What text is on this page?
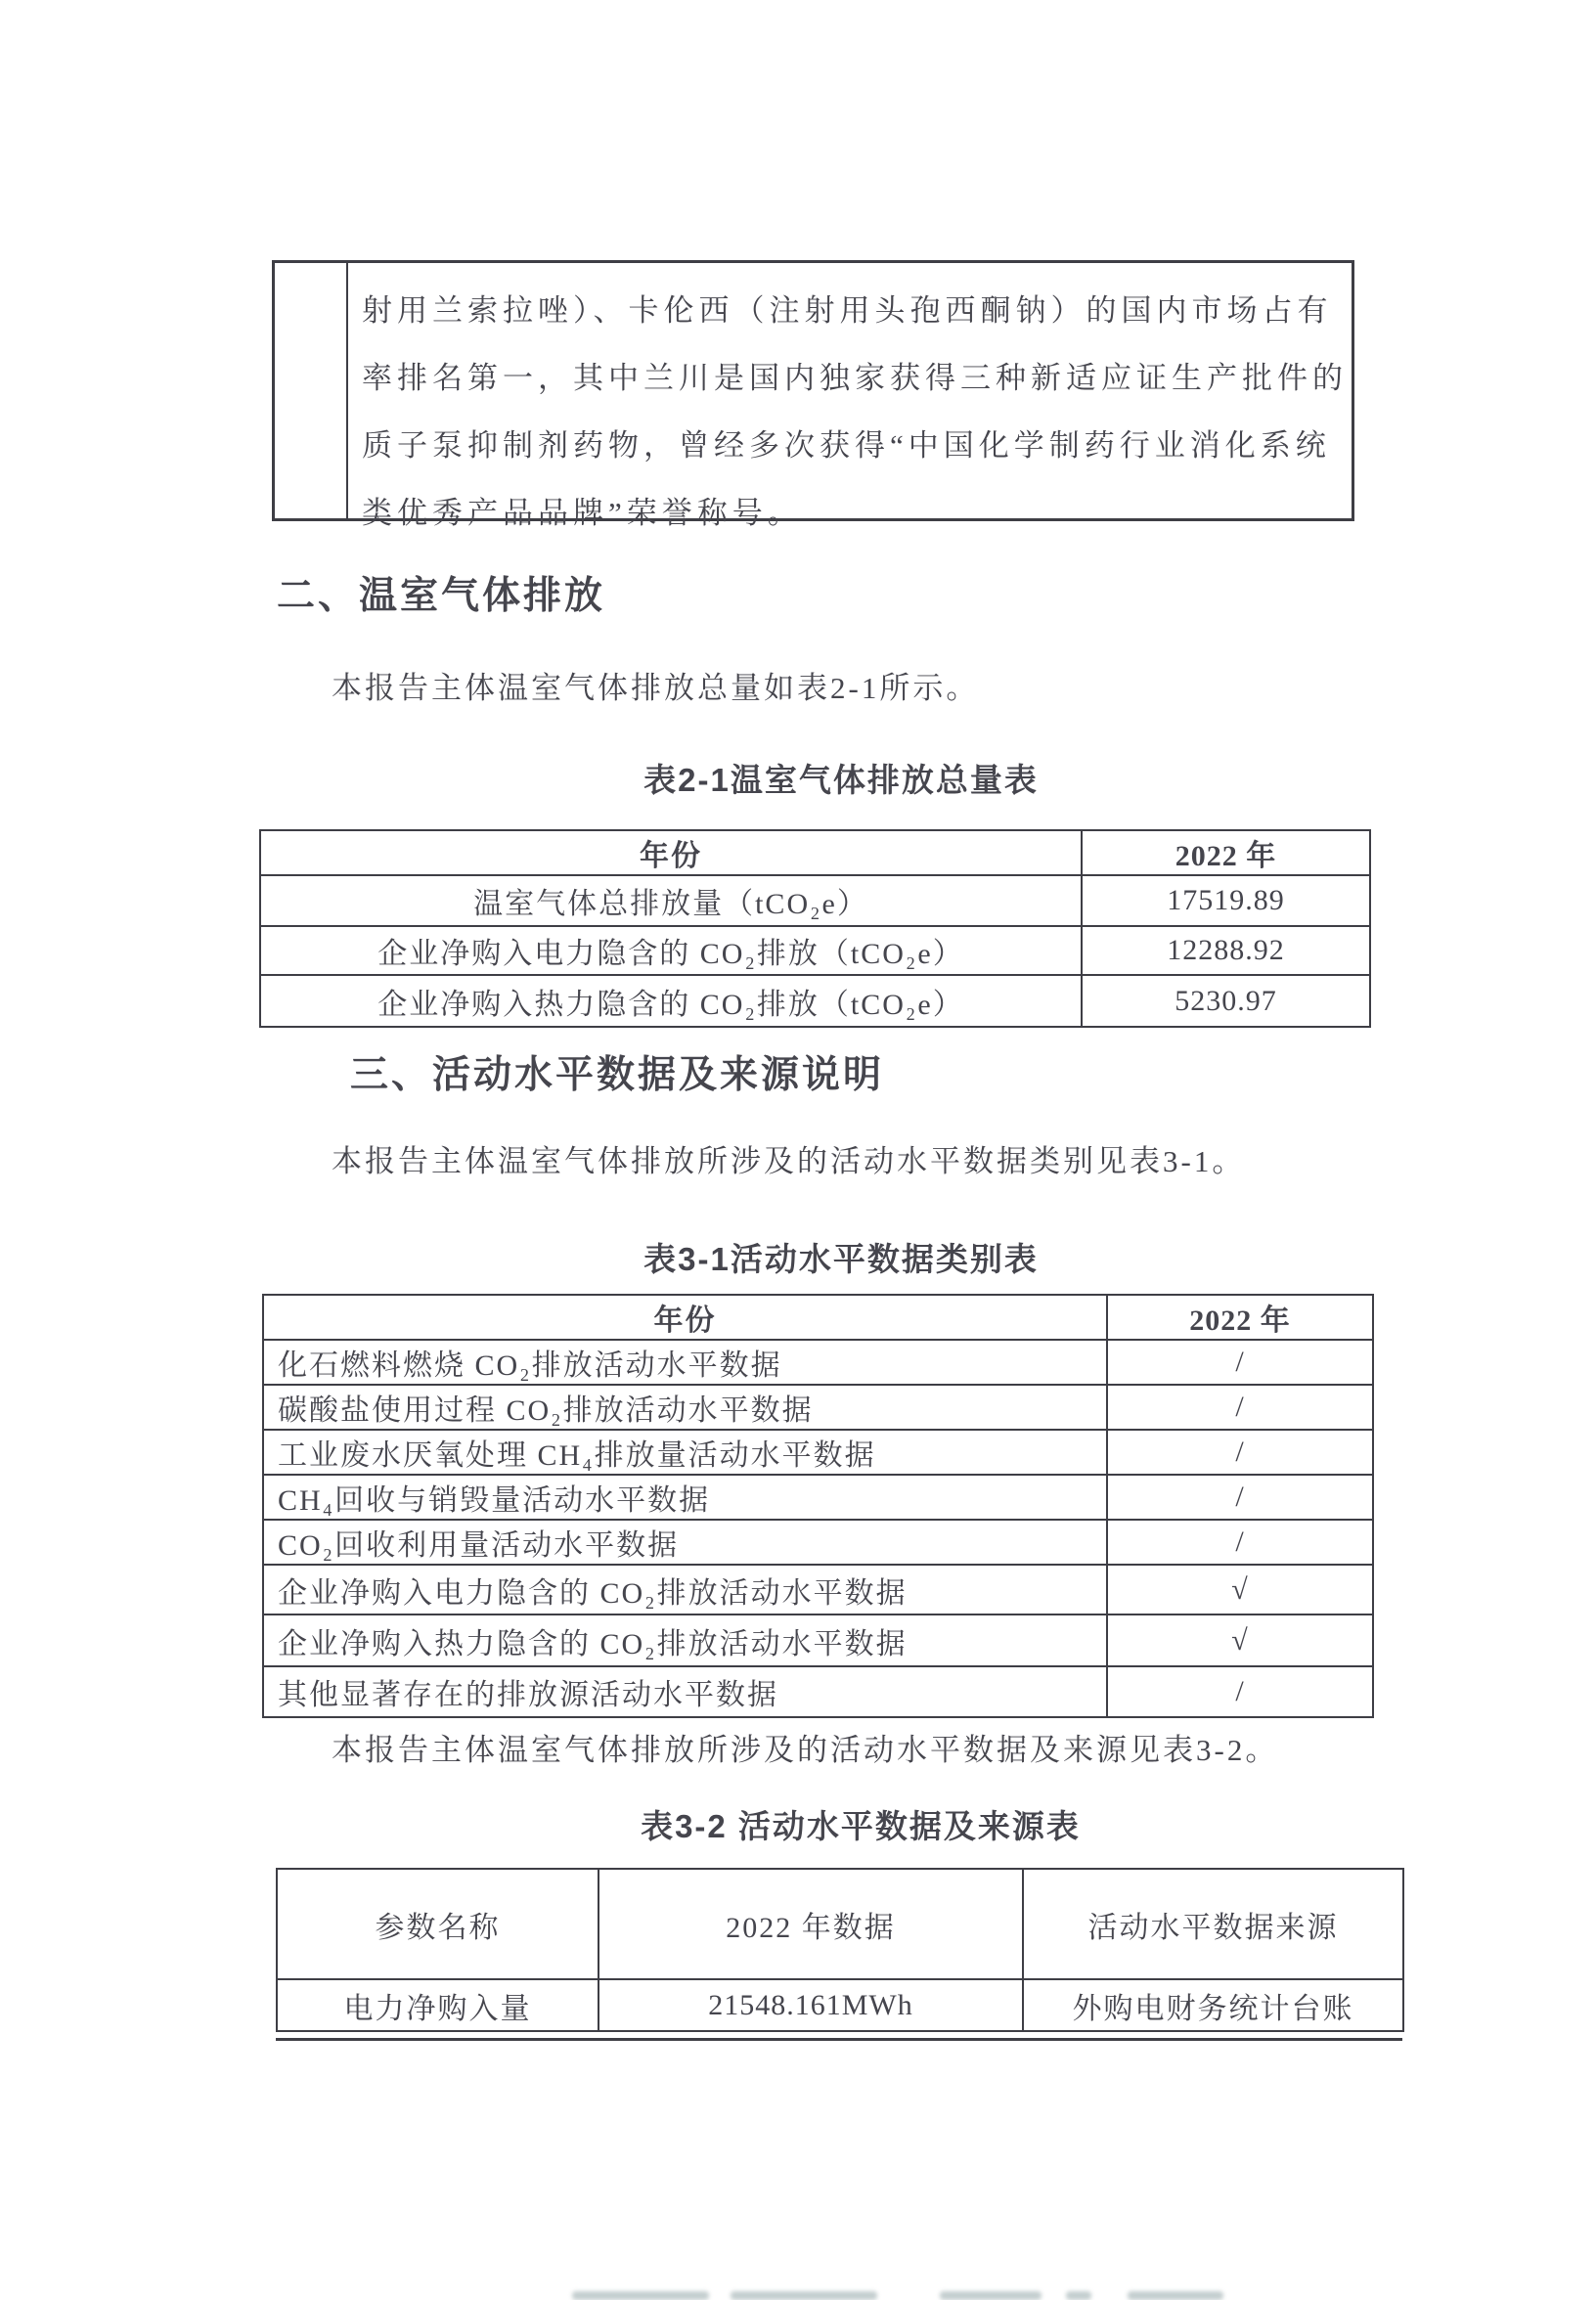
射用兰索拉唑）、卡伦西（注射用头孢西酮钠）的国内市场占有
率排名第一，其中兰川是国内独家获得三种新适应证生产批件的
质子泵抑制剂药物，曾经多次获得“中国化学制药行业消化系统
类优秀产品品牌”荣誉称号。
二、温室气体排放
本报告主体温室气体排放总量如表2-1所示。
表2-1温室气体排放总量表
年份	2022 年
温室气体总排放量（tCO₂e）	17519.89
企业净购入电力隐含的 CO₂排放（tCO₂e）	12288.92
企业净购入热力隐含的 CO₂排放（tCO₂e）	5230.97
三、活动水平数据及来源说明
本报告主体温室气体排放所涉及的活动水平数据类别见表3-1。
表3-1活动水平数据类别表
年份	2022 年
化石燃料燃烧 CO₂排放活动水平数据	/
碳酸盐使用过程 CO₂排放活动水平数据	/
工业废水厌氧处理 CH₄排放量活动水平数据	/
CH₄回收与销毁量活动水平数据	/
CO₂回收利用量活动水平数据	/
企业净购入电力隐含的 CO₂排放活动水平数据	√
企业净购入热力隐含的 CO₂排放活动水平数据	√
其他显著存在的排放源活动水平数据	/
本报告主体温室气体排放所涉及的活动水平数据及来源见表3-2。
表3-2 活动水平数据及来源表
参数名称	2022 年数据	活动水平数据来源
电力净购入量	21548.161MWh	外购电财务统计台账
